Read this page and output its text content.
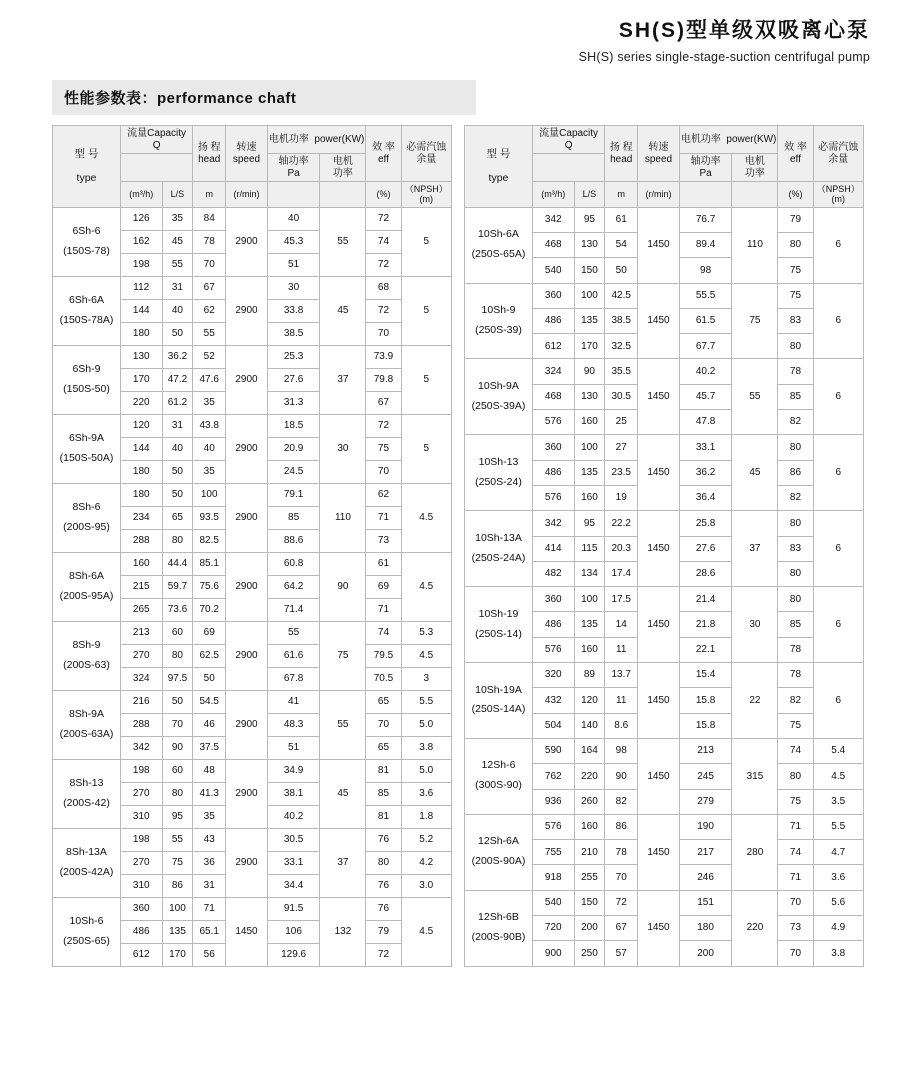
SH(S)型单级双吸离心泵
SH(S) series single-stage-suction centrifugal pump
性能参数表：performance chaft
型 号

type	流量Capacity
Q		扬 程
head	转速
speed	电机功率  power(KW)		效 率
eff	必需汽蚀
余量
					轴功率
Pa	电机
功率		
	(m³/h)	L/S	m	(r/min)			(%)	（NPSH）
(m)
6Sh-6
(150S-78)	126	35	84	2900	40	55	72	5
	162	45	78		45.3		74	
	198	55	70		51		72	
6Sh-6A
(150S-78A)	112	31	67	2900	30	45	68	5
	144	40	62		33.8		72	
	180	50	55		38.5		70	
6Sh-9
(150S-50)	130	36.2	52	2900	25.3	37	73.9	5
	170	47.2	47.6		27.6		79.8	
	220	61.2	35		31.3		67	
6Sh-9A
(150S-50A)	120	31	43.8	2900	18.5	30	72	5
	144	40	40		20.9		75	
	180	50	35		24.5		70	
8Sh-6
(200S-95)	180	50	100	2900	79.1	110	62	4.5
	234	65	93.5		85		71	
	288	80	82.5		88.6		73	
8Sh-6A
(200S-95A)	160	44.4	85.1	2900	60.8	90	61	4.5
	215	59.7	75.6		64.2		69	
	265	73.6	70.2		71.4		71	
8Sh-9
(200S-63)	213	60	69	2900	55	75	74	5.3
	270	80	62.5		61.6		79.5	4.5
	324	97.5	50		67.8		70.5	3
8Sh-9A
(200S-63A)	216	50	54.5	2900	41	55	65	5.5
	288	70	46		48.3		70	5.0
	342	90	37.5		51		65	3.8
8Sh-13
(200S-42)	198	60	48	2900	34.9	45	81	5.0
	270	80	41.3		38.1		85	3.6
	310	95	35		40.2		81	1.8
8Sh-13A
(200S-42A)	198	55	43	2900	30.5	37	76	5.2
	270	75	36		33.1		80	4.2
	310	86	31		34.4		76	3.0
10Sh-6
(250S-65)	360	100	71	1450	91.5	132	76	4.5
	486	135	65.1		106		79	
	612	170	56		129.6		72	
型 号

type	流量Capacity
Q		扬 程
head	转速
speed	电机功率  power(KW)		效 率
eff	必需汽蚀
余量
					轴功率
Pa	电机
功率		
	(m³/h)	L/S	m	(r/min)			(%)	（NPSH）
(m)
10Sh-6A
(250S-65A)	342	95	61	1450	76.7	110	79	6
	468	130	54		89.4		80	
	540	150	50		98		75	
10Sh-9
(250S-39)	360	100	42.5	1450	55.5	75	75	6
	486	135	38.5		61.5		83	
	612	170	32.5		67.7		80	
10Sh-9A
(250S-39A)	324	90	35.5	1450	40.2	55	78	6
	468	130	30.5		45.7		85	
	576	160	25		47.8		82	
10Sh-13
(250S-24)	360	100	27	1450	33.1	45	80	6
	486	135	23.5		36.2		86	
	576	160	19		36.4		82	
10Sh-13A
(250S-24A)	342	95	22.2	1450	25.8	37	80	6
	414	115	20.3		27.6		83	
	482	134	17.4		28.6		80	
10Sh-19
(250S-14)	360	100	17.5	1450	21.4	30	80	6
	486	135	14		21.8		85	
	576	160	11		22.1		78	
10Sh-19A
(250S-14A)	320	89	13.7	1450	15.4	22	78	6
	432	120	11		15.8		82	
	504	140	8.6		15.8		75	
12Sh-6
(300S-90)	590	164	98	1450	213	315	74	5.4
	762	220	90		245		80	4.5
	936	260	82		279		75	3.5
12Sh-6A
(200S-90A)	576	160	86	1450	190	280	71	5.5
	755	210	78		217		74	4.7
	918	255	70		246		71	3.6
12Sh-6B
(200S-90B)	540	150	72	1450	151	220	70	5.6
	720	200	67		180		73	4.9
	900	250	57		200		70	3.8
